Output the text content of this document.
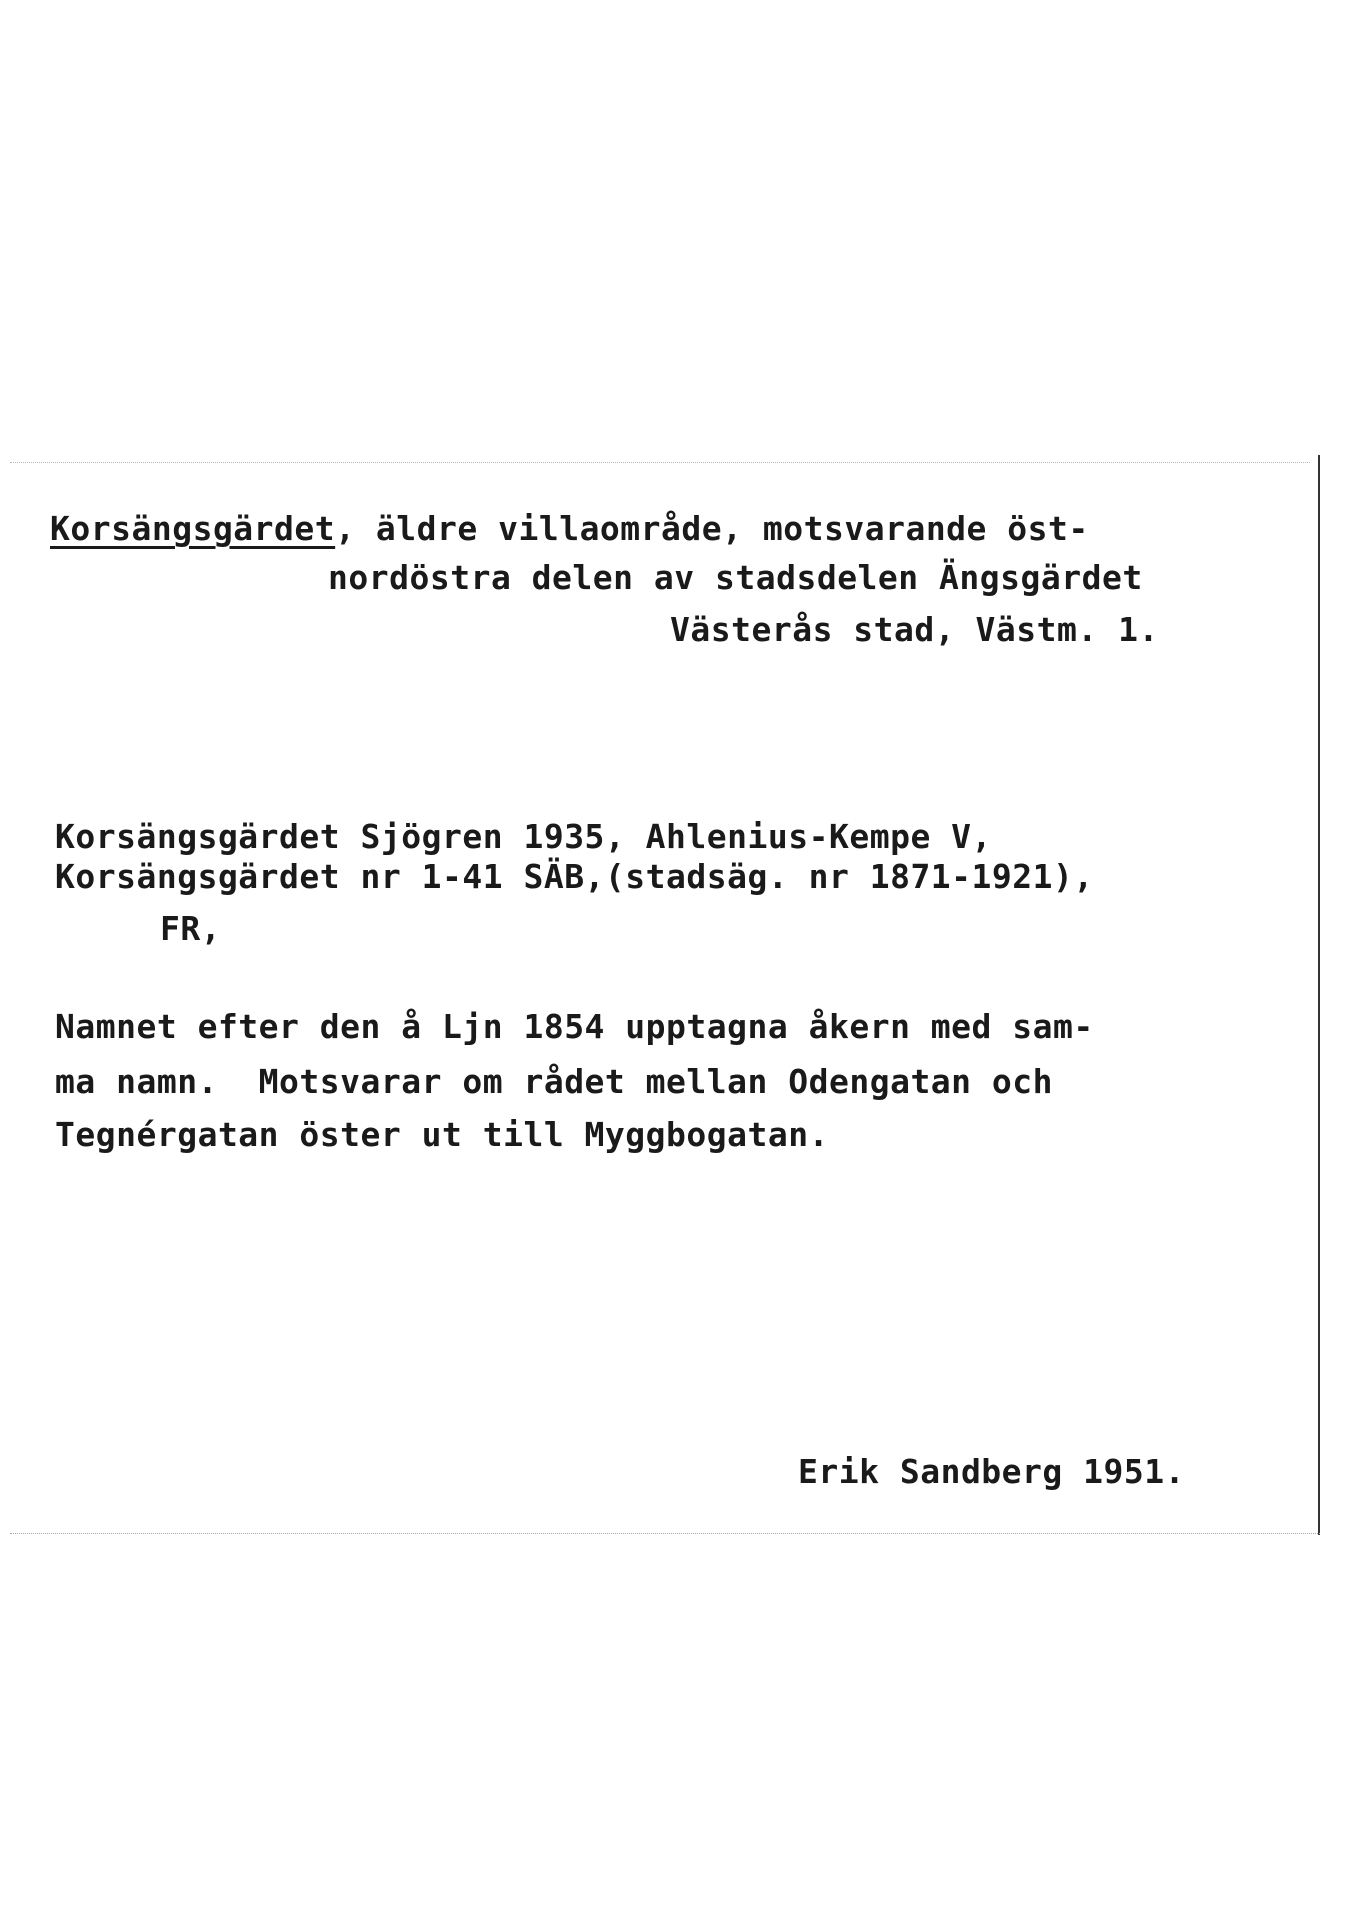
Korsängsgärdet, äldre villaområde, motsvarande öst-
nordöstra delen av stadsdelen Ängsgärdet
Västerås stad, Västm. 1.
Korsängsgärdet Sjögren 1935, Ahlenius-Kempe V,
Korsängsgärdet nr 1-41 SÄB,(stadsäg. nr 1871-1921),
FR,
Namnet efter den å Ljn 1854 upptagna åkern med sam-
ma namn.  Motsvarar om rådet mellan Odengatan och
Tegnérgatan öster ut till Myggbogatan.
Erik Sandberg 1951.
